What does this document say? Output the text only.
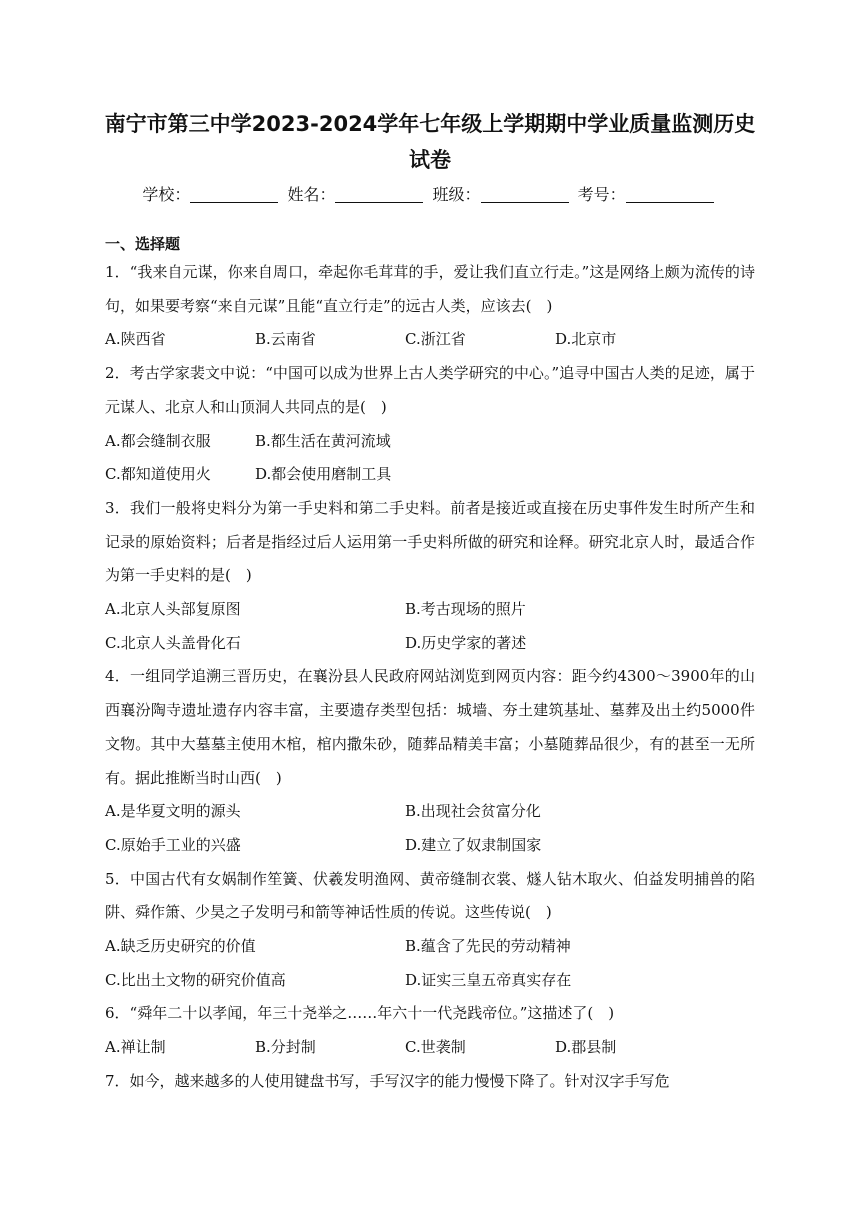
南宁市第三中学2023-2024学年七年级上学期期中学业质量监测历史试卷
学校：	姓名：	班级：	考号：
一、选择题

1．“我来自元谋，你来自周口，牵起你毛茸茸的手，爱让我们直立行走。”这是网络上颇为流传的诗句，如果要考察“来自元谋”且能“直立行走”的远古人类，应该去(　)

A.陕西省	B.云南省	C.浙江省	D.北京市

2．考古学家裴文中说：“中国可以成为世界上古人类学研究的中心。”追寻中国古人类的足迹，属于元谋人、北京人和山顶洞人共同点的是(　)

A.都会缝制衣服	B.都生活在黄河流域
C.都知道使用火	D.都会使用磨制工具

3．我们一般将史料分为第一手史料和第二手史料。前者是接近或直接在历史事件发生时所产生和记录的原始资料；后者是指经过后人运用第一手史料所做的研究和诠释。研究北京人时，最适合作为第一手史料的是(　)

A.北京人头部复原图	B.考古现场的照片
C.北京人头盖骨化石	D.历史学家的著述

4．一组同学追溯三晋历史，在襄汾县人民政府网站浏览到网页内容：距今约4300～3900年的山西襄汾陶寺遗址遗存内容丰富，主要遗存类型包括：城墙、夯土建筑基址、墓葬及出土约5000件文物。其中大墓墓主使用木棺，棺内撒朱砂，随葬品精美丰富；小墓随葬品很少，有的甚至一无所有。据此推断当时山西(　)

A.是华夏文明的源头	B.出现社会贫富分化
C.原始手工业的兴盛	D.建立了奴隶制国家

5．中国古代有女娲制作笙簧、伏羲发明渔网、黄帝缝制衣裳、燧人钻木取火、伯益发明捕兽的陷阱、舜作箫、少昊之子发明弓和箭等神话性质的传说。这些传说(　)

A.缺乏历史研究的价值	B.蕴含了先民的劳动精神
C.比出土文物的研究价值高	D.证实三皇五帝真实存在

6．“舜年二十以孝闻，年三十尧举之……年六十一代尧践帝位。”这描述了(　)

A.禅让制	B.分封制	C.世袭制	D.郡县制

7．如今，越来越多的人使用键盘书写，手写汉字的能力慢慢下降了。针对汉字手写危
